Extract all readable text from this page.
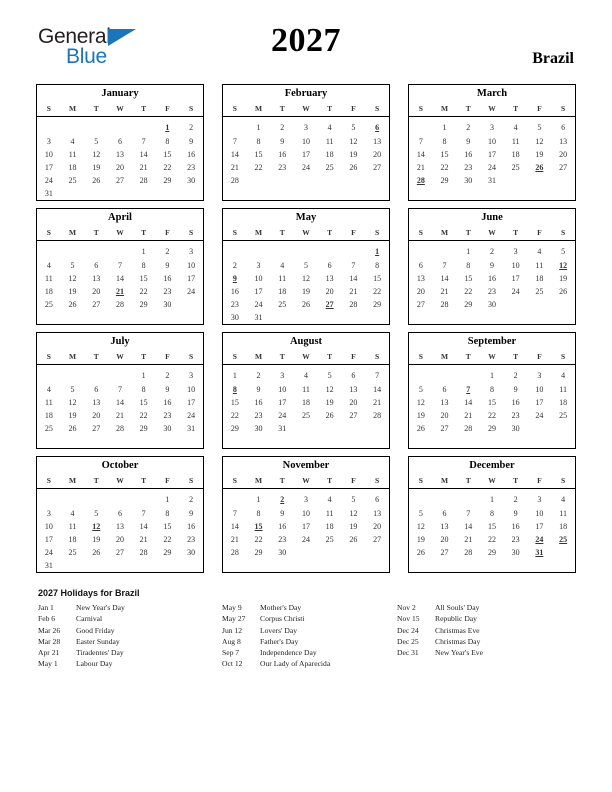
General
Blue	2027	Brazil
January
S	M	T	W	T	F	S
					1	2
3	4	5	6	7	8	9
10	11	12	13	14	15	16
17	18	19	20	21	22	23
24	25	26	27	28	29	30
31						
February
S	M	T	W	T	F	S
	1	2	3	4	5	6
7	8	9	10	11	12	13
14	15	16	17	18	19	20
21	22	23	24	25	26	27
28						

March
S	M	T	W	T	F	S
	1	2	3	4	5	6
7	8	9	10	11	12	13
14	15	16	17	18	19	20
21	22	23	24	25	26	27
28	29	30	31			

April
S	M	T	W	T	F	S
				1	2	3
4	5	6	7	8	9	10
11	12	13	14	15	16	17
18	19	20	21	22	23	24
25	26	27	28	29	30	

May
S	M	T	W	T	F	S
						1
2	3	4	5	6	7	8
9	10	11	12	13	14	15
16	17	18	19	20	21	22
23	24	25	26	27	28	29
30	31					
June
S	M	T	W	T	F	S
		1	2	3	4	5
6	7	8	9	10	11	12
13	14	15	16	17	18	19
20	21	22	23	24	25	26
27	28	29	30			

July
S	M	T	W	T	F	S
				1	2	3
4	5	6	7	8	9	10
11	12	13	14	15	16	17
18	19	20	21	22	23	24
25	26	27	28	29	30	31

August
S	M	T	W	T	F	S
1	2	3	4	5	6	7
8	9	10	11	12	13	14
15	16	17	18	19	20	21
22	23	24	25	26	27	28
29	30	31				

September
S	M	T	W	T	F	S
			1	2	3	4
5	6	7	8	9	10	11
12	13	14	15	16	17	18
19	20	21	22	23	24	25
26	27	28	29	30		

October
S	M	T	W	T	F	S
					1	2
3	4	5	6	7	8	9
10	11	12	13	14	15	16
17	18	19	20	21	22	23
24	25	26	27	28	29	30
31						
November
S	M	T	W	T	F	S
	1	2	3	4	5	6
7	8	9	10	11	12	13
14	15	16	17	18	19	20
21	22	23	24	25	26	27
28	29	30				

December
S	M	T	W	T	F	S
			1	2	3	4
5	6	7	8	9	10	11
12	13	14	15	16	17	18
19	20	21	22	23	24	25
26	27	28	29	30	31	

2027 Holidays for Brazil
Jan 1	New Year's Day
Feb 6	Carnival
Mar 26	Good Friday
Mar 28	Easter Sunday
Apr 21	Tiradentes' Day
May 1	Labour Day
May 9	Mother's Day
May 27	Corpus Christi
Jun 12	Lovers' Day
Aug 8	Father's Day
Sep 7	Independence Day
Oct 12	Our Lady of Aparecida
Nov 2	All Souls' Day
Nov 15	Republic Day
Dec 24	Christmas Eve
Dec 25	Christmas Day
Dec 31	New Year's Eve
